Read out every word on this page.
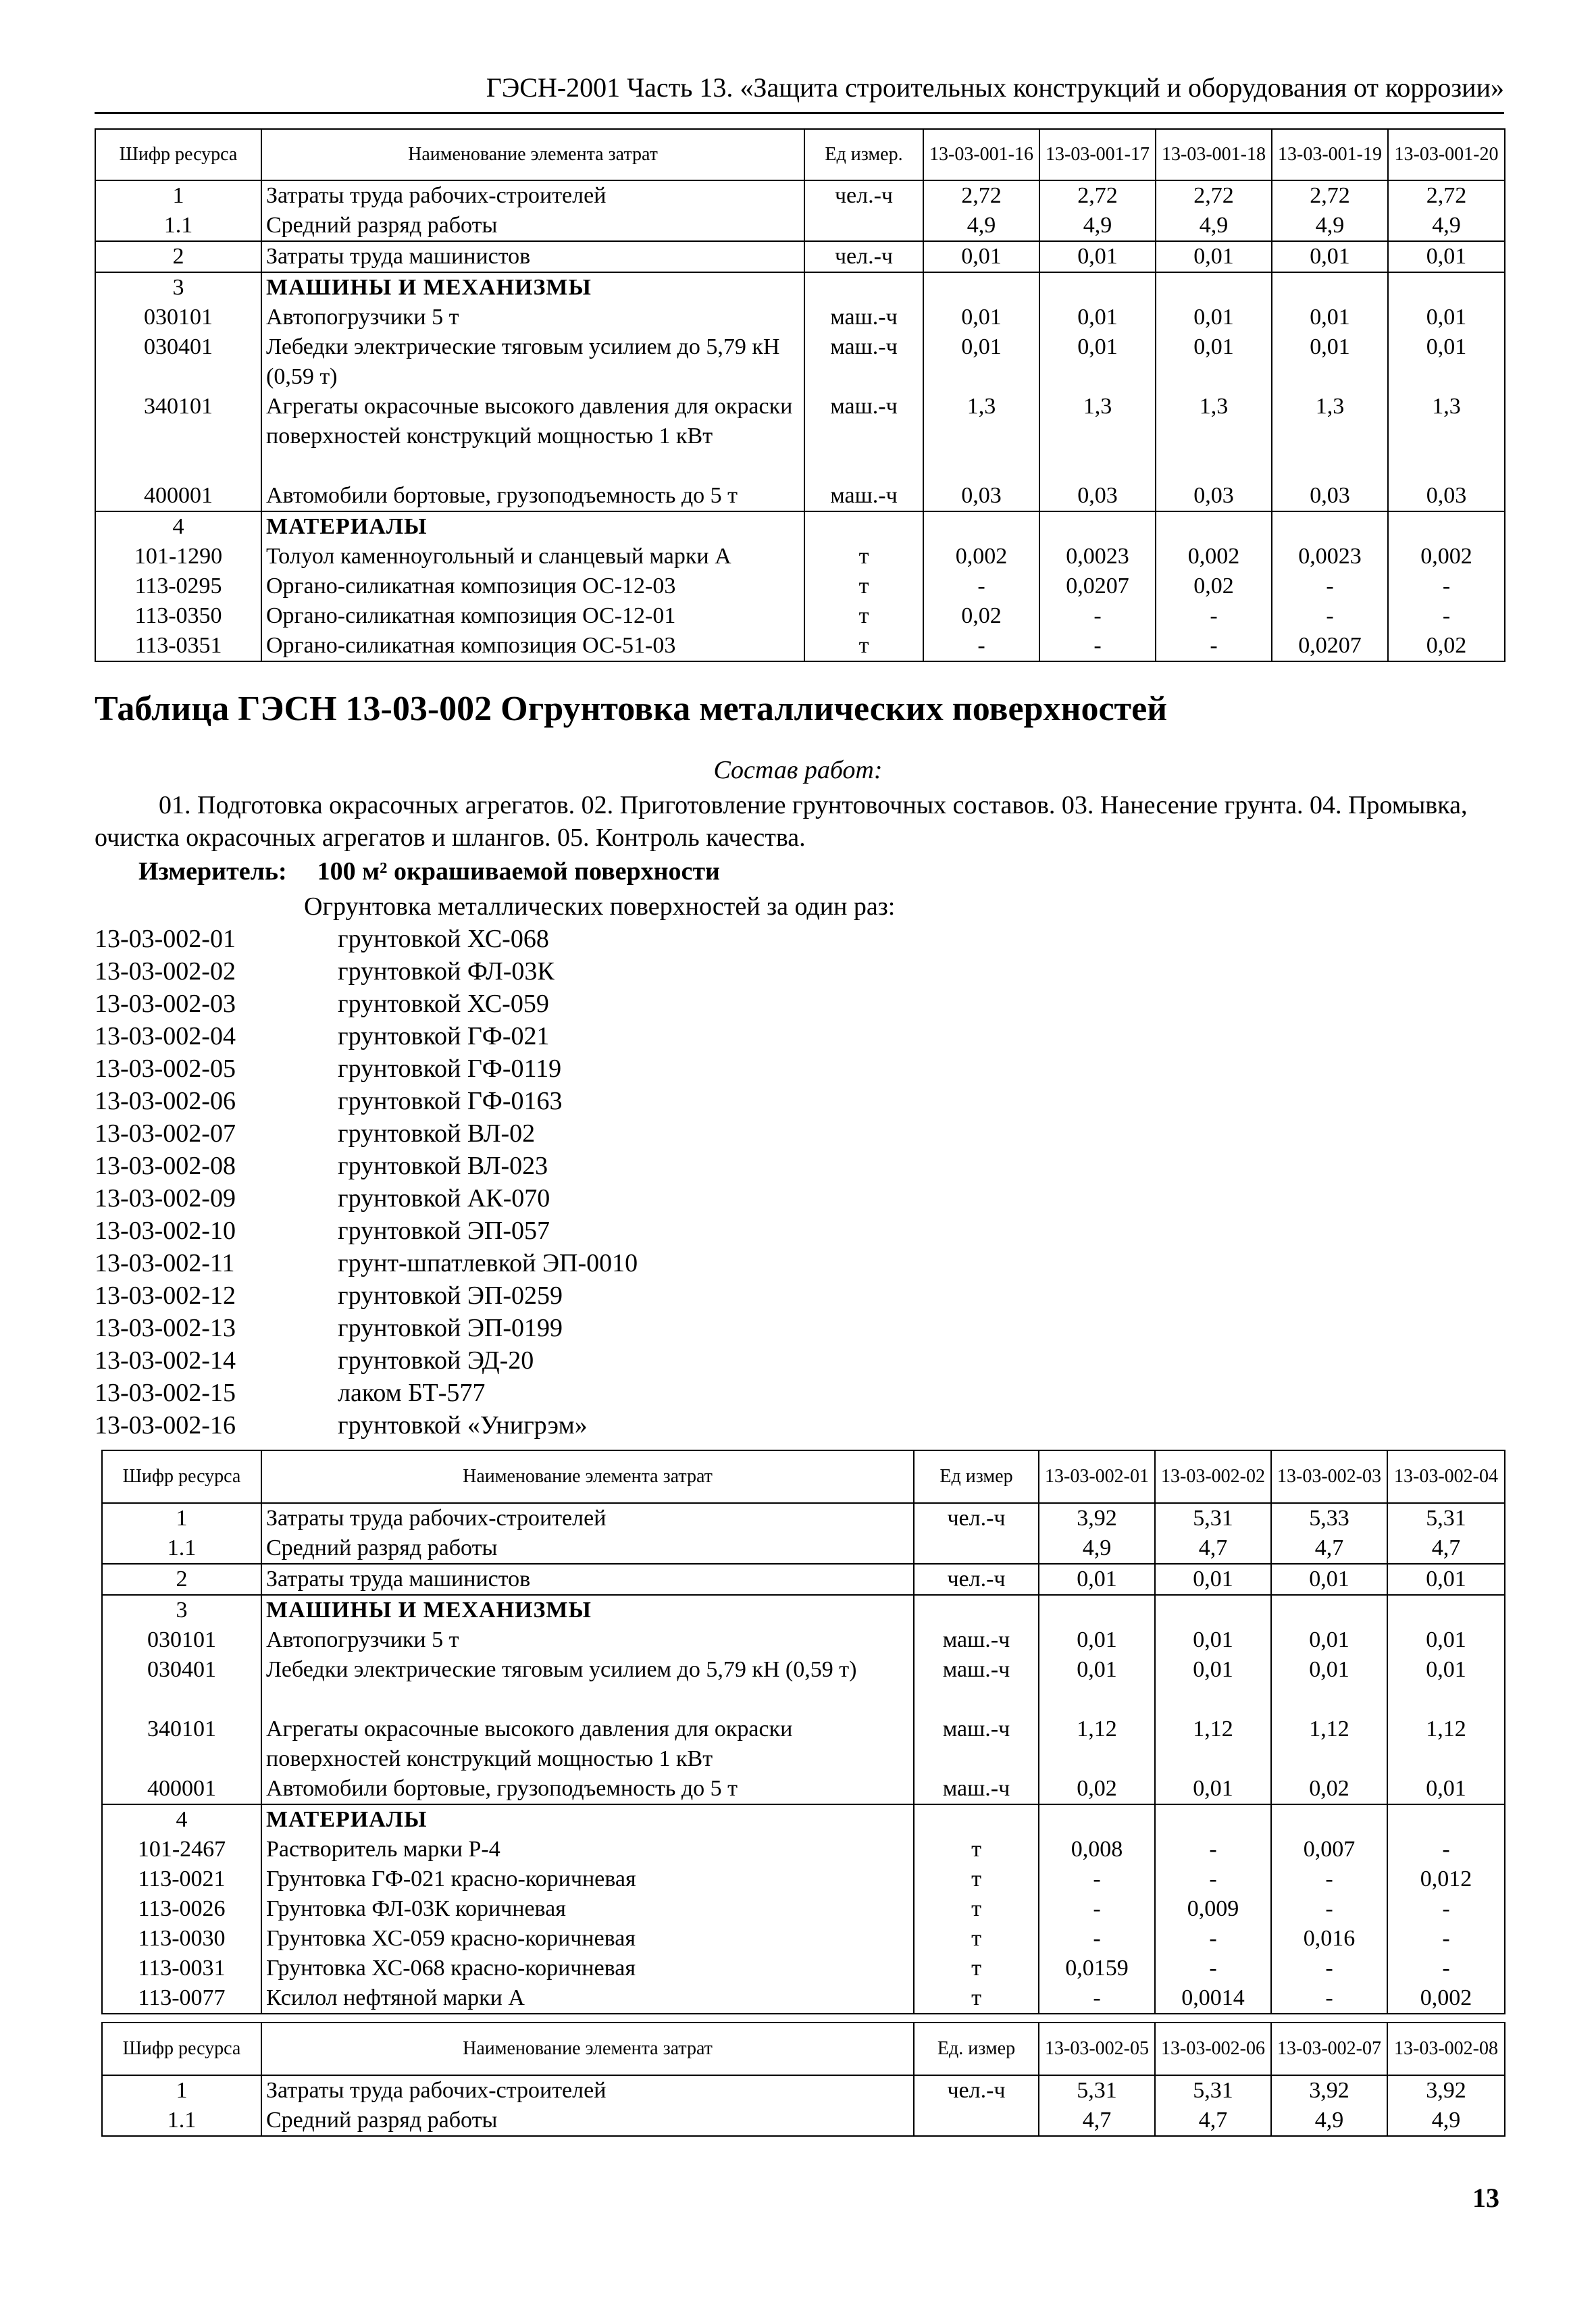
ГЭСН-2001 Часть 13. «Защита строительных конструкций и оборудования от коррозии»
Шифр ресурса	Наименование элемента затрат	Ед измер.	13-03-001-16	13-03-001-17	13-03-001-18	13-03-001-19	13-03-001-20
1	Затраты труда рабочих-строителей	чел.-ч	2,72	2,72	2,72	2,72	2,72
1.1	Средний разряд работы		4,9	4,9	4,9	4,9	4,9
2	Затраты труда машинистов	чел.-ч	0,01	0,01	0,01	0,01	0,01
3	МАШИНЫ И МЕХАНИЗМЫ						
030101	Автопогрузчики 5 т	маш.-ч	0,01	0,01	0,01	0,01	0,01
030401	Лебедки электрические тяговым усилием до 5,79 кН (0,59 т)	маш.-ч	0,01	0,01	0,01	0,01	0,01
340101	Агрегаты окрасочные высокого давления для окраски поверхностей конструкций мощностью 1 кВт	маш.-ч	1,3	1,3	1,3	1,3	1,3
400001	Автомобили бортовые, грузоподъемность до 5 т	маш.-ч	0,03	0,03	0,03	0,03	0,03
4	МАТЕРИАЛЫ						
101-1290	Толуол каменноугольный и сланцевый марки А	т	0,002	0,0023	0,002	0,0023	0,002
113-0295	Органо-силикатная композиция ОС-12-03	т	-	0,0207	0,02	-	-
113-0350	Органо-силикатная композиция ОС-12-01	т	0,02	-	-	-	-
113-0351	Органо-силикатная композиция ОС-51-03	т	-	-	-	0,0207	0,02
Таблица ГЭСН 13-03-002 Огрунтовка металлических поверхностей
Состав работ:
01. Подготовка окрасочных агрегатов. 02. Приготовление грунтовочных составов. 03. Нанесение грунта. 04. Промывка, очистка окрасочных агрегатов и шлангов. 05. Контроль качества.
Измеритель: 100 м² окрашиваемой поверхности
Огрунтовка металлических поверхностей за один раз:
13-03-002-01	грунтовкой ХС-068
13-03-002-02	грунтовкой ФЛ-03К
13-03-002-03	грунтовкой ХС-059
13-03-002-04	грунтовкой ГФ-021
13-03-002-05	грунтовкой ГФ-0119
13-03-002-06	грунтовкой ГФ-0163
13-03-002-07	грунтовкой ВЛ-02
13-03-002-08	грунтовкой ВЛ-023
13-03-002-09	грунтовкой АК-070
13-03-002-10	грунтовкой ЭП-057
13-03-002-11	грунт-шпатлевкой ЭП-0010
13-03-002-12	грунтовкой ЭП-0259
13-03-002-13	грунтовкой ЭП-0199
13-03-002-14	грунтовкой ЭД-20
13-03-002-15	лаком БТ-577
13-03-002-16	грунтовкой «Унигрэм»
Шифр ресурса	Наименование элемента затрат	Ед измер	13-03-002-01	13-03-002-02	13-03-002-03	13-03-002-04
1	Затраты труда рабочих-строителей	чел.-ч	3,92	5,31	5,33	5,31
1.1	Средний разряд работы		4,9	4,7	4,7	4,7
2	Затраты труда машинистов	чел.-ч	0,01	0,01	0,01	0,01
3	МАШИНЫ И МЕХАНИЗМЫ					
030101	Автопогрузчики 5 т	маш.-ч	0,01	0,01	0,01	0,01
030401	Лебедки электрические тяговым усилием до 5,79 кН (0,59 т)	маш.-ч	0,01	0,01	0,01	0,01
340101	Агрегаты окрасочные высокого давления для окраски поверхностей конструкций мощностью 1 кВт	маш.-ч	1,12	1,12	1,12	1,12
400001	Автомобили бортовые, грузоподъемность до 5 т	маш.-ч	0,02	0,01	0,02	0,01
4	МАТЕРИАЛЫ					
101-2467	Растворитель марки Р-4	т	0,008	-	0,007	-
113-0021	Грунтовка ГФ-021 красно-коричневая	т	-	-	-	0,012
113-0026	Грунтовка ФЛ-03К коричневая	т	-	0,009	-	-
113-0030	Грунтовка ХС-059 красно-коричневая	т	-	-	0,016	-
113-0031	Грунтовка ХС-068 красно-коричневая	т	0,0159	-	-	-
113-0077	Ксилол нефтяной марки А	т	-	0,0014	-	0,002
Шифр ресурса	Наименование элемента затрат	Ед. измер	13-03-002-05	13-03-002-06	13-03-002-07	13-03-002-08
1	Затраты труда рабочих-строителей	чел.-ч	5,31	5,31	3,92	3,92
1.1	Средний разряд работы		4,7	4,7	4,9	4,9
13
